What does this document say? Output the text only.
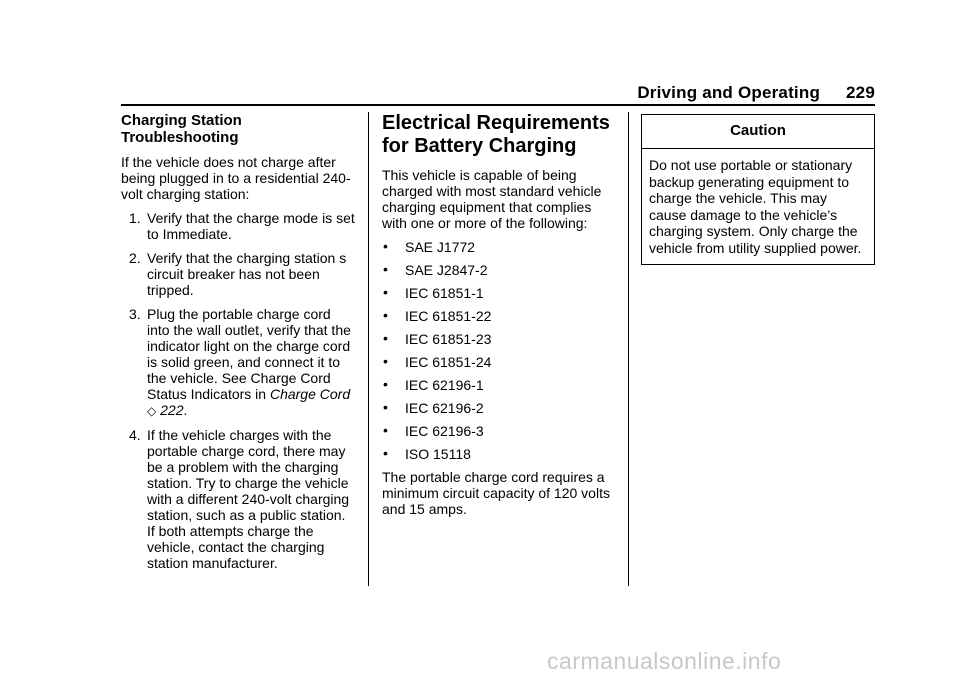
Driving and Operating 229
Charging Station Troubleshooting

If the vehicle does not charge after being plugged in to a residential 240-volt charging station:

1. Verify that the charge mode is set to Immediate.
2. Verify that the charging station s circuit breaker has not been tripped.
3. Plug the portable charge cord into the wall outlet, verify that the indicator light on the charge cord is solid green, and connect it to the vehicle. See Charge Cord Status Indicators in Charge Cord
◇ 222.
4. If the vehicle charges with the portable charge cord, there may be a problem with the charging station. Try to charge the vehicle with a different 240-volt charging station, such as a public station. If both attempts charge the vehicle, contact the charging station manufacturer.
Electrical Requirements for Battery Charging

This vehicle is capable of being charged with most standard vehicle charging equipment that complies with one or more of the following:

• SAE J1772
• SAE J2847-2
• IEC 61851-1
• IEC 61851-22
• IEC 61851-23
• IEC 61851-24
• IEC 62196-1
• IEC 62196-2
• IEC 62196-3
• ISO 15118

The portable charge cord requires a minimum circuit capacity of 120 volts and 15 amps.

Caution
Do not use portable or stationary backup generating equipment to charge the vehicle. This may cause damage to the vehicle’s charging system. Only charge the vehicle from utility supplied power.
carmanualsonline.info
